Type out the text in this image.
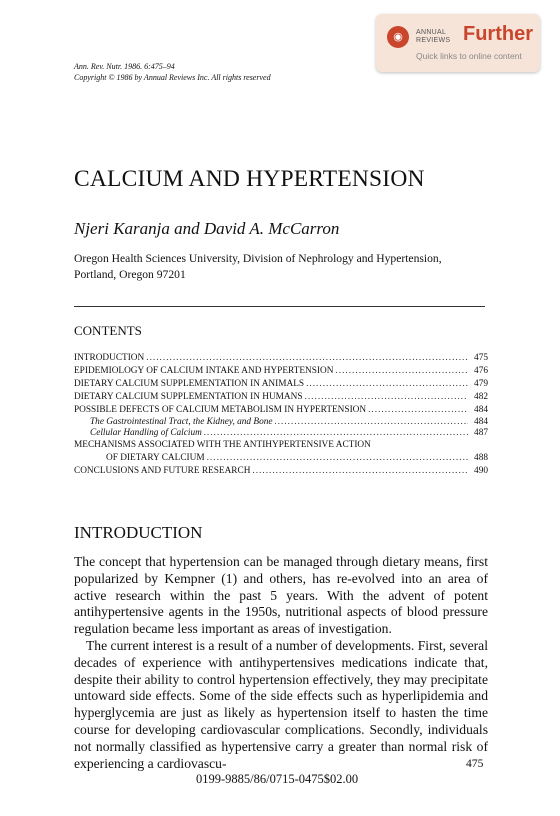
◉	ANNUAL
REVIEWS Further
Quick links to online content
Ann. Rev. Nutr. 1986. 6:475–94
Copyright © 1986 by Annual Reviews Inc. All rights reserved
CALCIUM AND HYPERTENSION
Njeri Karanja and David A. McCarron
Oregon Health Sciences University, Division of Nephrology and Hypertension,
Portland, Oregon 97201
CONTENTS
INTRODUCTION .....	475
EPIDEMIOLOGY OF CALCIUM INTAKE AND HYPERTENSION .....	476
DIETARY CALCIUM SUPPLEMENTATION IN ANIMALS .....	479
DIETARY CALCIUM SUPPLEMENTATION IN HUMANS .....	482
POSSIBLE DEFECTS OF CALCIUM METABOLISM IN HYPERTENSION .....	484
The Gastrointestinal Tract, the Kidney, and Bone .....	484
Cellular Handling of Calcium .....	487
MECHANISMS ASSOCIATED WITH THE ANTIHYPERTENSIVE ACTION
OF DIETARY CALCIUM .....	488
CONCLUSIONS AND FUTURE RESEARCH .....	490
INTRODUCTION

The concept that hypertension can be managed through dietary means, first popularized by Kempner (1) and others, has re-evolved into an area of active research within the past 5 years. With the advent of potent antihypertensive agents in the 1950s, nutritional aspects of blood pressure regulation became less important as areas of investigation.

The current interest is a result of a number of developments. First, several decades of experience with antihypertensives medications indicate that, despite their ability to control hypertension effectively, they may precipitate untoward side effects. Some of the side effects such as hyperlipidemia and hyperglycemia are just as likely as hypertension itself to hasten the time course for developing cardiovascular complications. Secondly, individuals not normally classified as hypertensive carry a greater than normal risk of experiencing a cardiovascu-	475
0199-9885/86/0715-0475$02.00
